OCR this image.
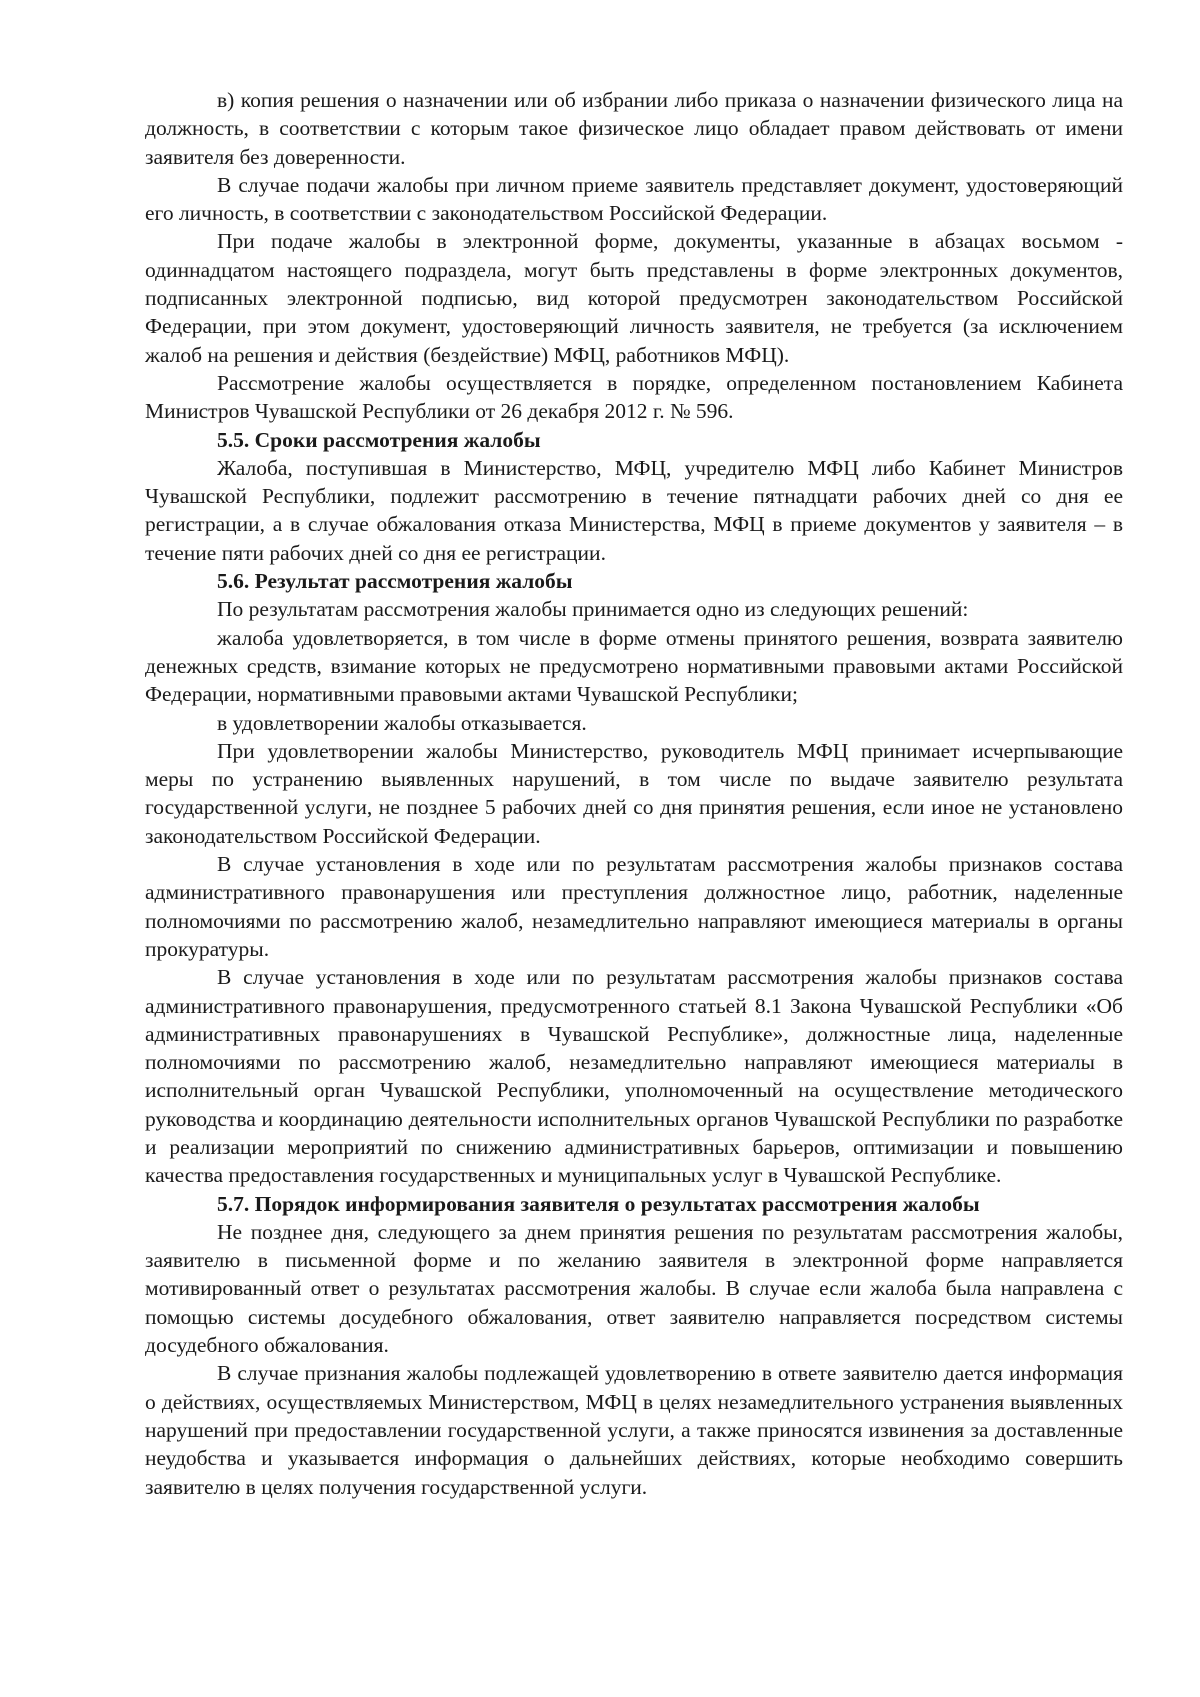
в) копия решения о назначении или об избрании либо приказа о назначении физического лица на должность, в соответствии с которым такое физическое лицо обладает правом действовать от имени заявителя без доверенности.

В случае подачи жалобы при личном приеме заявитель представляет документ, удостоверяющий его личность, в соответствии с законодательством Российской Федерации.

При подаче жалобы в электронной форме, документы, указанные в абзацах восьмом - одиннадцатом настоящего подраздела, могут быть представлены в форме электронных документов, подписанных электронной подписью, вид которой предусмотрен законодательством Российской Федерации, при этом документ, удостоверяющий личность заявителя, не требуется (за исключением жалоб на решения и действия (бездействие) МФЦ, работников МФЦ).

Рассмотрение жалобы осуществляется в порядке, определенном постановлением Кабинета Министров Чувашской Республики от 26 декабря 2012 г. № 596.

5.5. Сроки рассмотрения жалобы

Жалоба, поступившая в Министерство, МФЦ, учредителю МФЦ либо Кабинет Министров Чувашской Республики, подлежит рассмотрению в течение пятнадцати рабочих дней со дня ее регистрации, а в случае обжалования отказа Министерства, МФЦ в приеме документов у заявителя – в течение пяти рабочих дней со дня ее регистрации.

5.6. Результат рассмотрения жалобы

По результатам рассмотрения жалобы принимается одно из следующих решений:

жалоба удовлетворяется, в том числе в форме отмены принятого решения, возврата заявителю денежных средств, взимание которых не предусмотрено нормативными правовыми актами Российской Федерации, нормативными правовыми актами Чувашской Республики;

в удовлетворении жалобы отказывается.

При удовлетворении жалобы Министерство, руководитель МФЦ принимает исчерпывающие меры по устранению выявленных нарушений, в том числе по выдаче заявителю результата государственной услуги, не позднее 5 рабочих дней со дня принятия решения, если иное не установлено законодательством Российской Федерации.

В случае установления в ходе или по результатам рассмотрения жалобы признаков состава административного правонарушения или преступления должностное лицо, работник, наделенные полномочиями по рассмотрению жалоб, незамедлительно направляют имеющиеся материалы в органы прокуратуры.

В случае установления в ходе или по результатам рассмотрения жалобы признаков состава административного правонарушения, предусмотренного статьей 8.1 Закона Чувашской Республики «Об административных правонарушениях в Чувашской Республике», должностные лица, наделенные полномочиями по рассмотрению жалоб, незамедлительно направляют имеющиеся материалы в исполнительный орган Чувашской Республики, уполномоченный на осуществление методического руководства и координацию деятельности исполнительных органов Чувашской Республики по разработке и реализации мероприятий по снижению административных барьеров, оптимизации и повышению качества предоставления государственных и муниципальных услуг в Чувашской Республике.

5.7. Порядок информирования заявителя о результатах рассмотрения жалобы

Не позднее дня, следующего за днем принятия решения по результатам рассмотрения жалобы, заявителю в письменной форме и по желанию заявителя в электронной форме направляется мотивированный ответ о результатах рассмотрения жалобы. В случае если жалоба была направлена с помощью системы досудебного обжалования, ответ заявителю направляется посредством системы досудебного обжалования.

В случае признания жалобы подлежащей удовлетворению в ответе заявителю дается информация о действиях, осуществляемых Министерством, МФЦ в целях незамедлительного устранения выявленных нарушений при предоставлении государственной услуги, а также приносятся извинения за доставленные неудобства и указывается информация о дальнейших действиях, которые необходимо совершить заявителю в целях получения государственной услуги.
